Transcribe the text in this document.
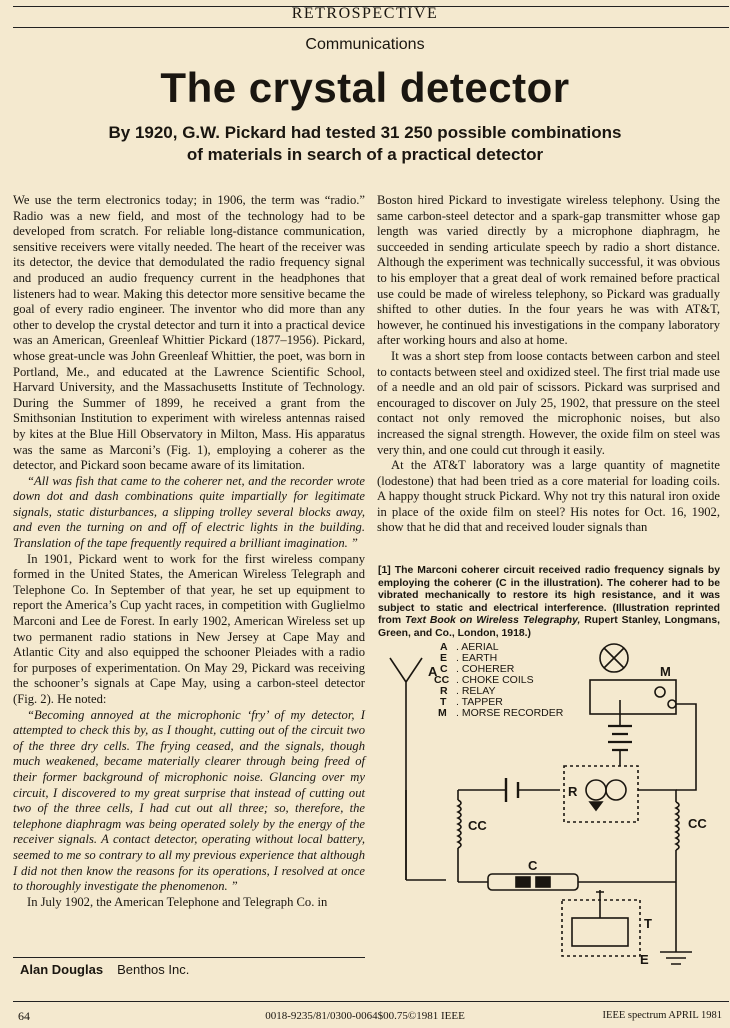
RETROSPECTIVE
Communications
The crystal detector
By 1920, G.W. Pickard had tested 31 250 possible combinations
of materials in search of a practical detector

We use the term electronics today; in 1906, the term was “radio.” Radio was a new field, and most of the technology had to be developed from scratch. For reliable long-distance communication, sensitive receivers were vitally needed. The heart of the receiver was its detector, the device that demodulated the radio frequency signal and produced an audio frequency current in the headphones that listeners had to wear. Making this detector more sensitive became the goal of every radio engineer. The inventor who did more than any other to develop the crystal detector and turn it into a practical device was an American, Greenleaf Whittier Pickard (1877–1956). Pickard, whose great-uncle was John Greenleaf Whittier, the poet, was born in Portland, Me., and educated at the Lawrence Scientific School, Harvard University, and the Massachusetts Institute of Technology. During the Summer of 1899, he received a grant from the Smithsonian Institution to experiment with wireless antennas raised by kites at the Blue Hill Observatory in Milton, Mass. His apparatus was the same as Marconi’s (Fig. 1), employing a coherer as the detector, and Pickard soon became aware of its limitation.

“All was fish that came to the coherer net, and the recorder wrote down dot and dash combinations quite impartially for legitimate signals, static disturbances, a slipping trolley several blocks away, and even the turning on and off of electric lights in the building. Translation of the tape frequently required a brilliant imagination. ”

In 1901, Pickard went to work for the first wireless company formed in the United States, the American Wireless Telegraph and Telephone Co. In September of that year, he set up equipment to report the America’s Cup yacht races, in competition with Guglielmo Marconi and Lee de Forest. In early 1902, American Wireless set up two permanent radio stations in New Jersey at Cape May and Atlantic City and also equipped the schooner Pleiades with a radio for purposes of experimentation. On May 29, Pickard was receiving the schooner’s signals at Cape May, using a carbon-steel detector (Fig. 2). He noted:

“Becoming annoyed at the microphonic ‘fry’ of my detector, I attempted to check this by, as I thought, cutting out of the circuit two of the three dry cells. The frying ceased, and the signals, though much weakened, became materially clearer through being freed of their former background of microphonic noise. Glancing over my circuit, I discovered to my great surprise that instead of cutting out two of the three cells, I had cut out all three; so, therefore, the telephone diaphragm was being operated solely by the energy of the receiver signals. A contact detector, operating without local battery, seemed to me so contrary to all my previous experience that although I did not then know the reasons for its operations, I resolved at once to thoroughly investigate the phenomenon. ”

In July 1902, the American Telephone and Telegraph Co. in

Boston hired Pickard to investigate wireless telephony. Using the same carbon-steel detector and a spark-gap transmitter whose gap length was varied directly by a microphone diaphragm, he succeeded in sending articulate speech by radio a short distance. Although the experiment was technically successful, it was obvious to his employer that a great deal of work remained before practical use could be made of wireless telephony, so Pickard was gradually shifted to other duties. In the four years he was with AT&T, however, he continued his investigations in the company laboratory after working hours and also at home.

It was a short step from loose contacts between carbon and steel to contacts between steel and oxidized steel. The first trial made use of a needle and an old pair of scissors. Pickard was surprised and encouraged to discover on July 25, 1902, that pressure on the steel contact not only removed the microphonic noises, but also increased the signal strength. However, the oxide film on steel was very thin, and one could cut through it easily.

At the AT&T laboratory was a large quantity of magnetite (lodestone) that had been tried as a core material for loading coils. A happy thought struck Pickard. Why not try this natural iron oxide in place of the oxide film on steel? His notes for Oct. 16, 1902, show that he did that and received louder signals than

[1] The Marconi coherer circuit received radio frequency signals by employing the coherer (C in the illustration). The coherer had to be vibrated mechanically to restore its high resistance, and it was subject to static and electrical interference. (Illustration reprinted from Text Book on Wireless Telegraphy, Rupert Stanley, Longmans, Green, and Co., London, 1918.)
A . AERIAL
E . EARTH
C . COHERER
CC . CHOKE COILS
R . RELAY
T . TAPPER
M . MORSE RECORDER
A	M
R
C
CC	CC
T
E
Alan Douglas Benthos Inc.
64	0018-9235/81/0300-0064$00.75©1981 IEEE	IEEE spectrum APRIL 1981
